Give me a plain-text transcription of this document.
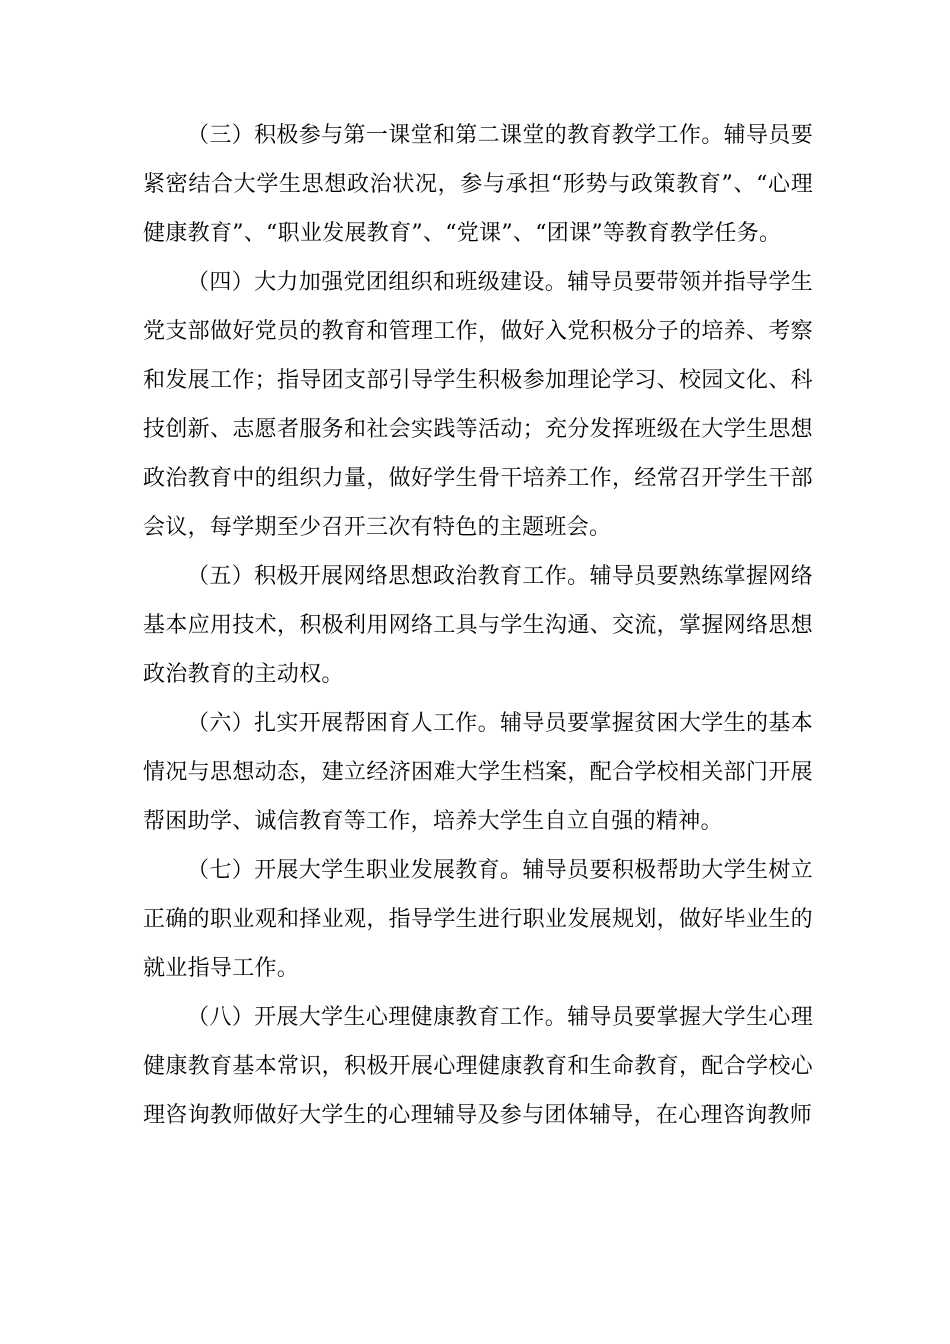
（三）积极参与第一课堂和第二课堂的教育教学工作。辅导员要紧密结合大学生思想政治状况，参与承担“形势与政策教育”、“心理健康教育”、“职业发展教育”、“党课”、“团课”等教育教学任务。

（四）大力加强党团组织和班级建设。辅导员要带领并指导学生党支部做好党员的教育和管理工作，做好入党积极分子的培养、考察和发展工作；指导团支部引导学生积极参加理论学习、校园文化、科技创新、志愿者服务和社会实践等活动；充分发挥班级在大学生思想政治教育中的组织力量，做好学生骨干培养工作，经常召开学生干部会议，每学期至少召开三次有特色的主题班会。

（五）积极开展网络思想政治教育工作。辅导员要熟练掌握网络基本应用技术，积极利用网络工具与学生沟通、交流，掌握网络思想政治教育的主动权。

（六）扎实开展帮困育人工作。辅导员要掌握贫困大学生的基本情况与思想动态，建立经济困难大学生档案，配合学校相关部门开展帮困助学、诚信教育等工作，培养大学生自立自强的精神。

（七）开展大学生职业发展教育。辅导员要积极帮助大学生树立正确的职业观和择业观，指导学生进行职业发展规划，做好毕业生的就业指导工作。

（八）开展大学生心理健康教育工作。辅导员要掌握大学生心理健康教育基本常识，积极开展心理健康教育和生命教育，配合学校心理咨询教师做好大学生的心理辅导及参与团体辅导，在心理咨询教师
